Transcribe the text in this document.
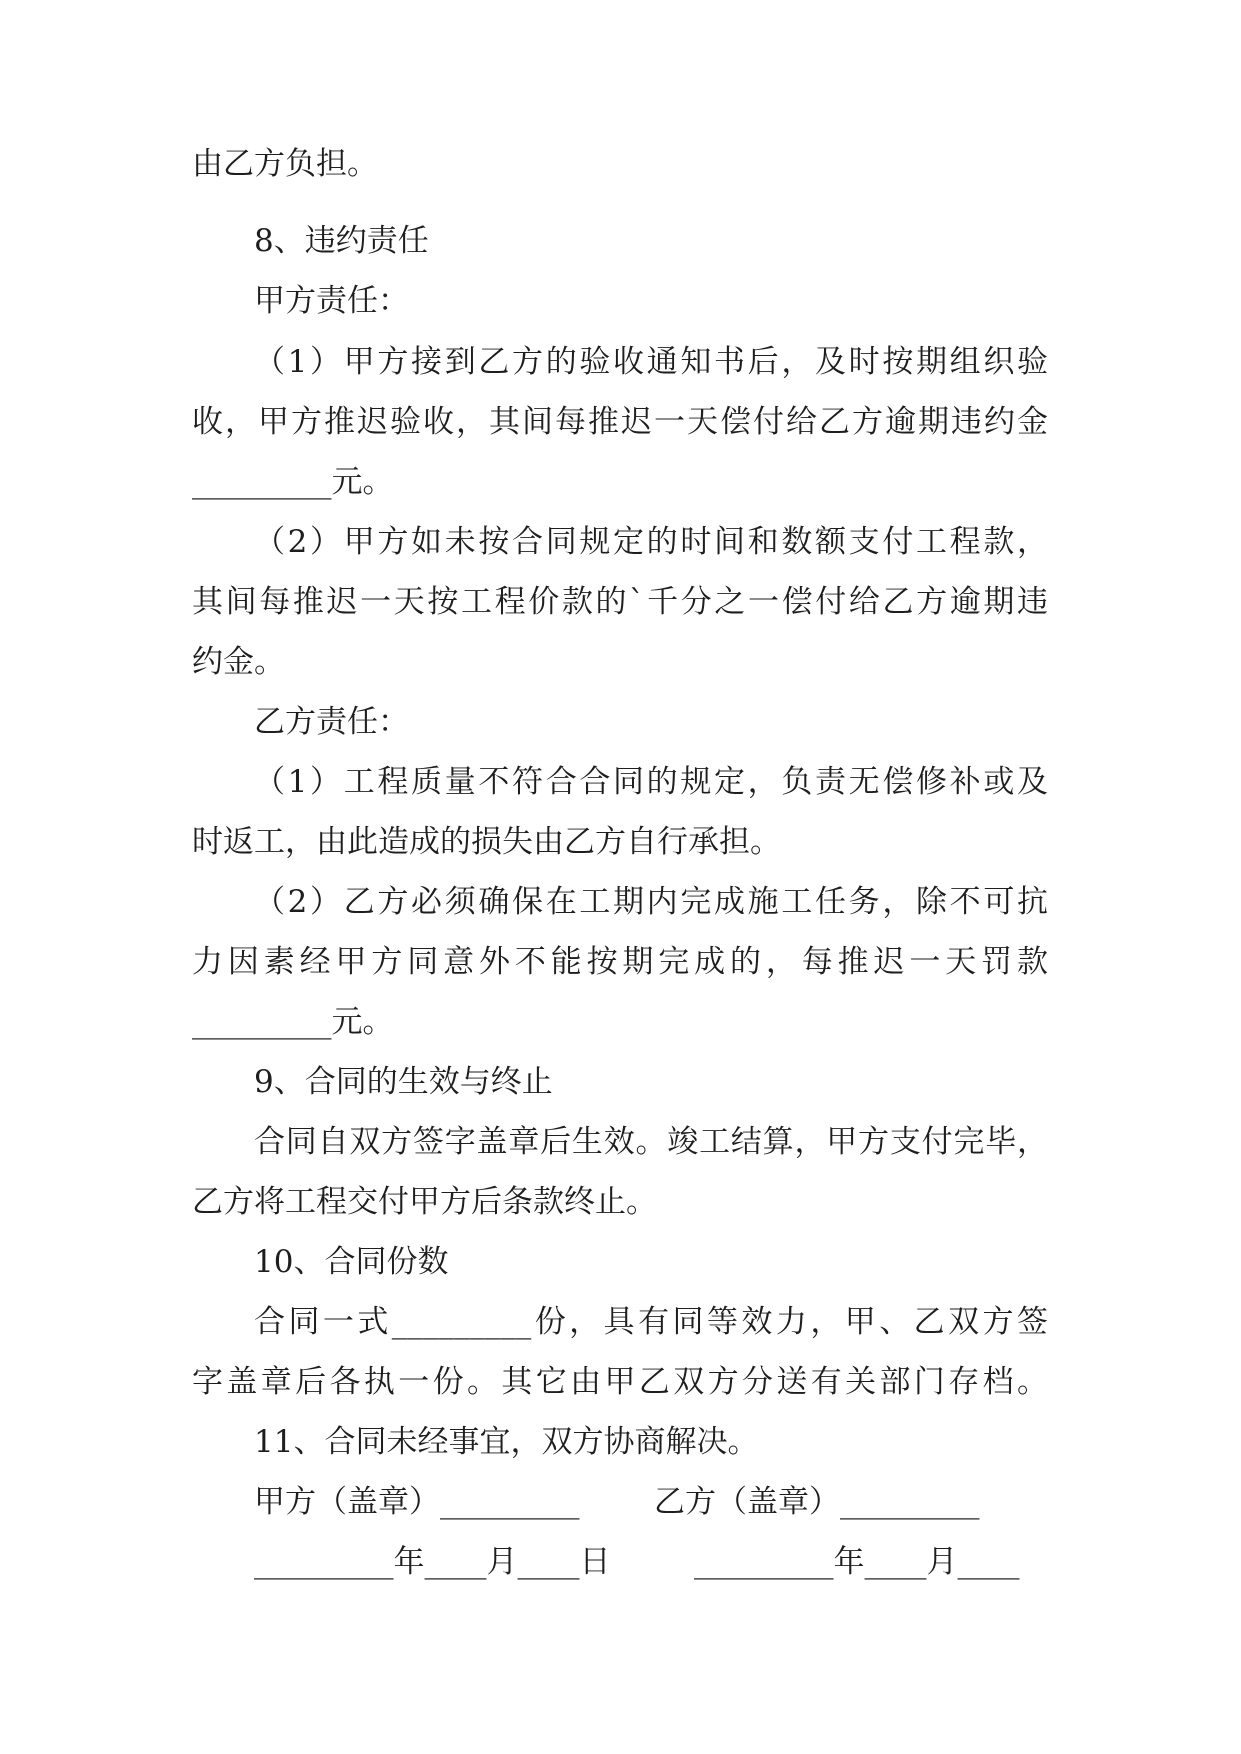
由乙方负担。
8、违约责任
甲方责任：
（1）甲方接到乙方的验收通知书后，及时按期组织验
收，甲方推迟验收，其间每推迟一天偿付给乙方逾期违约金
_________元。
（2）甲方如未按合同规定的时间和数额支付工程款，
其间每推迟一天按工程价款的`千分之一偿付给乙方逾期违
约金。
乙方责任：
（1）工程质量不符合合同的规定，负责无偿修补或及
时返工，由此造成的损失由乙方自行承担。
（2）乙方必须确保在工期内完成施工任务，除不可抗
力因素经甲方同意外不能按期完成的，每推迟一天罚款
_________元。
9、合同的生效与终止
合同自双方签字盖章后生效。竣工结算，甲方支付完毕，
乙方将工程交付甲方后条款终止。
10、合同份数
合同一式_________份，具有同等效力，甲、乙双方签
字盖章后各执一份。其它由甲乙双方分送有关部门存档。
11、合同未经事宜，双方协商解决。
甲方（盖章）_________ 乙方（盖章）_________
_________年____月____日	_________年____月____
